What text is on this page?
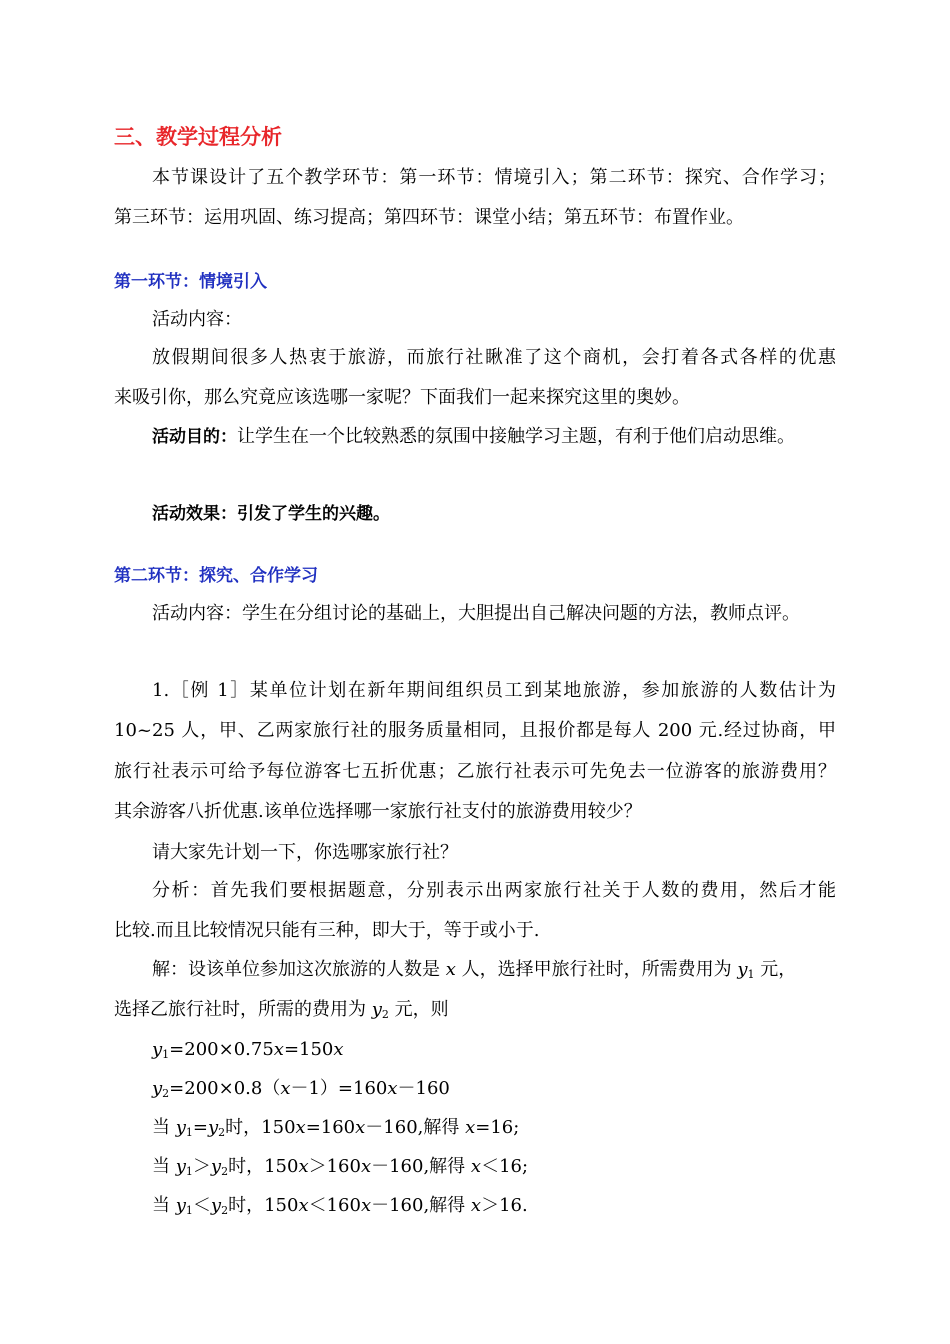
三、教学过程分析
本节课设计了五个教学环节：第一环节：情境引入；第二环节：探究、合作学习；
第三环节：运用巩固、练习提高；第四环节：课堂小结；第五环节：布置作业。
第一环节：情境引入
活动内容：
放假期间很多人热衷于旅游，而旅行社瞅准了这个商机，会打着各式各样的优惠
来吸引你，那么究竟应该选哪一家呢？下面我们一起来探究这里的奥妙。
活动目的：让学生在一个比较熟悉的氛围中接触学习主题，有利于他们启动思维。
活动效果：引发了学生的兴趣。
第二环节：探究、合作学习
活动内容：学生在分组讨论的基础上，大胆提出自己解决问题的方法，教师点评。
1.［例 1］某单位计划在新年期间组织员工到某地旅游，参加旅游的人数估计为
10~25 人，甲、乙两家旅行社的服务质量相同，且报价都是每人 200 元.经过协商，甲
旅行社表示可给予每位游客七五折优惠；乙旅行社表示可先免去一位游客的旅游费用？
其余游客八折优惠.该单位选择哪一家旅行社支付的旅游费用较少？
请大家先计划一下，你选哪家旅行社？
分析：首先我们要根据题意，分别表示出两家旅行社关于人数的费用，然后才能
比较.而且比较情况只能有三种，即大于，等于或小于.
解：设该单位参加这次旅游的人数是 x 人，选择甲旅行社时，所需费用为 $y_1$ 元，
选择乙旅行社时，所需的费用为 $y_2$ 元，则
$y_1=200\times 0.75x=150x$
$y_2=200\times 0.8(x-1)=160x-160$
当 $y_1=y_2$时，150x=160x－160,解得 x=16;
当 $y_1>y_2$时，150x＞160x－160,解得 x＜16;
当 $y_1<y_2$时，150x＜160x－160,解得 x＞16.
